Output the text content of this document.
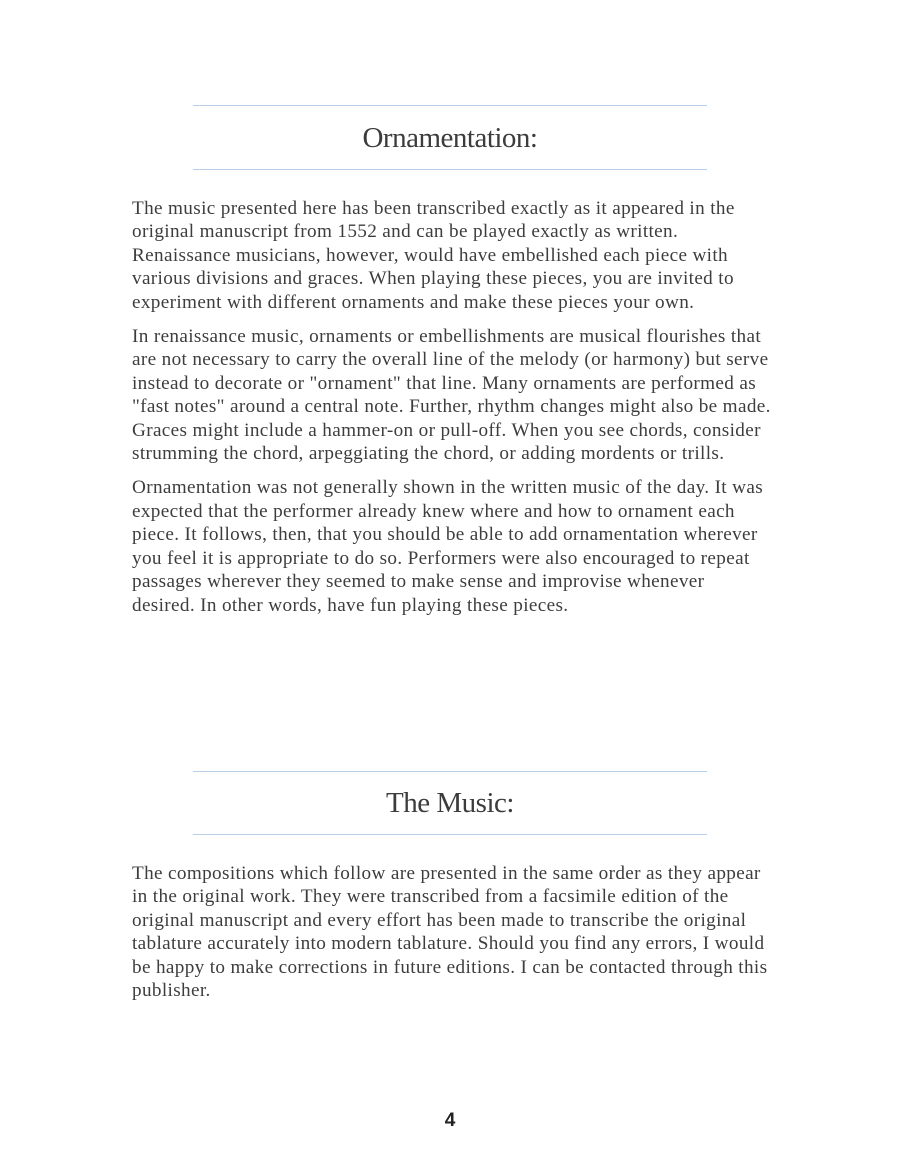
Ornamentation:

The music presented here has been transcribed exactly as it appeared in the original manuscript from 1552 and can be played exactly as written. Renaissance musicians, however, would have embellished each piece with various divisions and graces. When playing these pieces, you are invited to experiment with different ornaments and make these pieces your own.

In renaissance music, ornaments or embellishments are musical flourishes that are not necessary to carry the overall line of the melody (or harmony) but serve instead to decorate or "ornament" that line. Many ornaments are performed as "fast notes" around a central note. Further, rhythm changes might also be made. Graces might include a hammer-on or pull-off. When you see chords, consider strumming the chord, arpeggiating the chord, or adding mordents or trills.

Ornamentation was not generally shown in the written music of the day. It was expected that the performer already knew where and how to ornament each piece. It follows, then, that you should be able to add ornamentation wherever you feel it is appropriate to do so. Performers were also encouraged to repeat passages wherever they seemed to make sense and improvise whenever desired. In other words, have fun playing these pieces.

The Music:

The compositions which follow are presented in the same order as they appear in the original work. They were transcribed from a facsimile edition of the original manuscript and every effort has been made to transcribe the original tablature accurately into modern tablature. Should you find any errors, I would be happy to make corrections in future editions. I can be contacted through this publisher.

4
